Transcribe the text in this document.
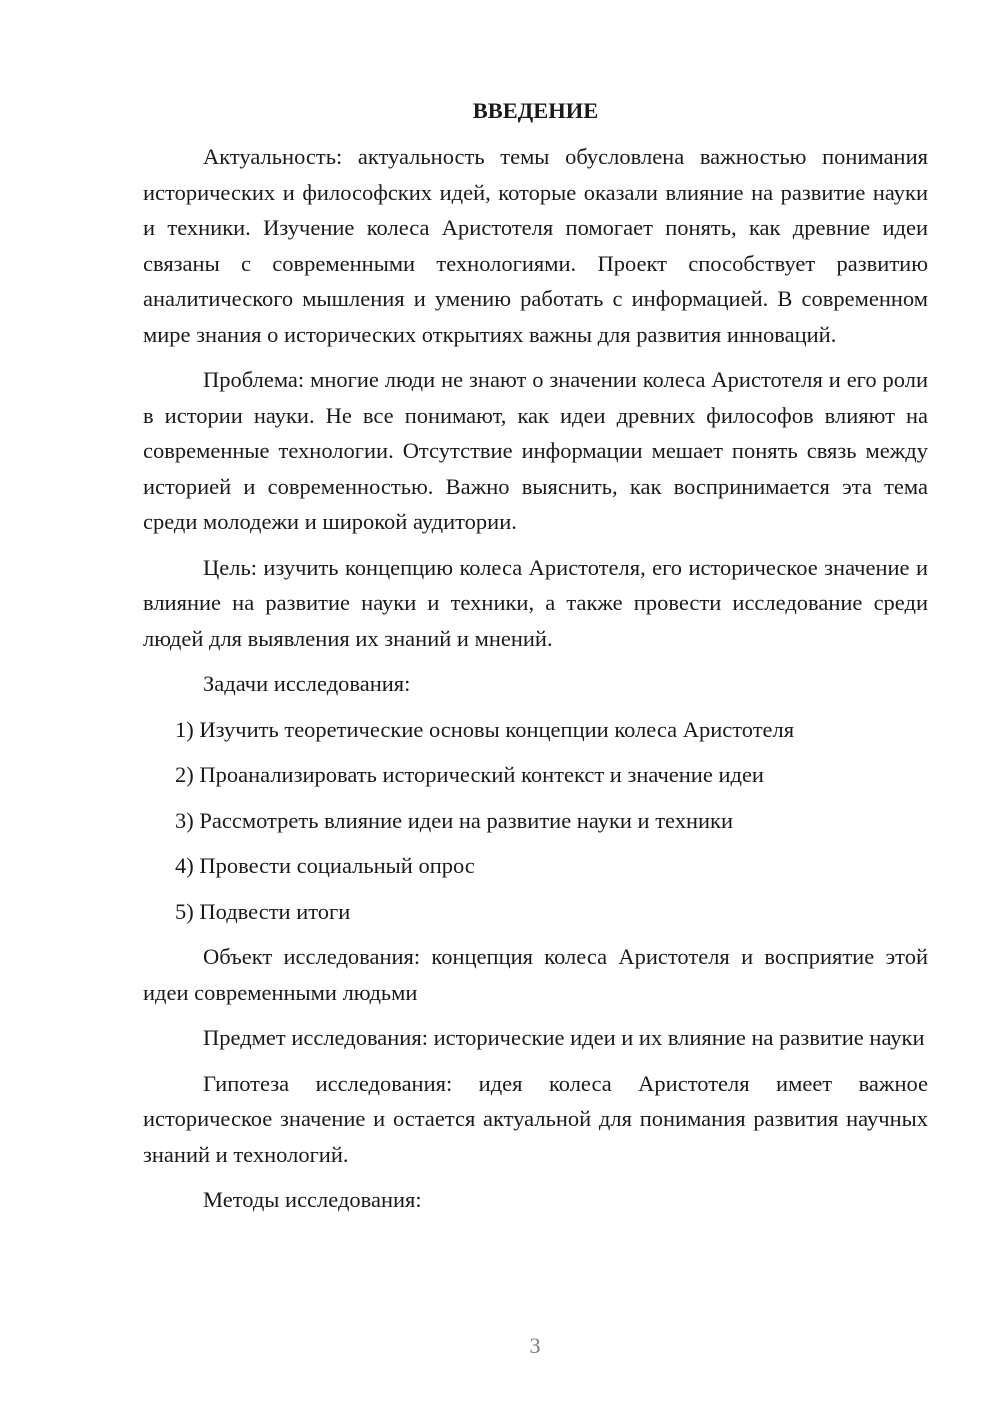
ВВЕДЕНИЕ

Актуальность: актуальность темы обусловлена важностью понимания исторических и философских идей, которые оказали влияние на развитие науки и техники. Изучение колеса Аристотеля помогает понять, как древние идеи связаны с современными технологиями. Проект способствует развитию аналитического мышления и умению работать с информацией. В современном мире знания о исторических открытиях важны для развития инноваций.

Проблема: многие люди не знают о значении колеса Аристотеля и его роли в истории науки. Не все понимают, как идеи древних философов влияют на современные технологии. Отсутствие информации мешает понять связь между историей и современностью. Важно выяснить, как воспринимается эта тема среди молодежи и широкой аудитории.

Цель: изучить концепцию колеса Аристотеля, его историческое значение и влияние на развитие науки и техники, а также провести исследование среди людей для выявления их знаний и мнений.

Задачи исследования:

1) Изучить теоретические основы концепции колеса Аристотеля
2) Проанализировать исторический контекст и значение идеи
3) Рассмотреть влияние идеи на развитие науки и техники
4) Провести социальный опрос
5) Подвести итоги

Объект исследования: концепция колеса Аристотеля и восприятие этой идеи современными людьми

Предмет исследования: исторические идеи и их влияние на развитие науки

Гипотеза исследования: идея колеса Аристотеля имеет важное историческое значение и остается актуальной для понимания развития научных знаний и технологий.

Методы исследования:

3
